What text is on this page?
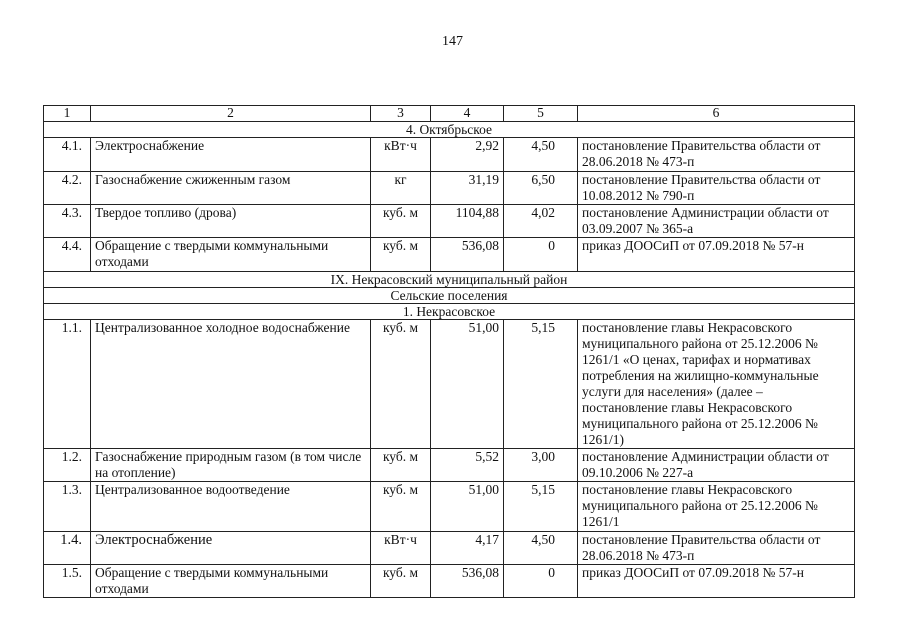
147
1	2	3	4	5	6
4. Октябрьское					
4.1.	Электроснабжение	кВт·ч	2,92	4,50	постановление Правительства области от 28.06.2018 № 473-п
4.2.	Газоснабжение сжиженным газом	кг	31,19	6,50	постановление Правительства области от 10.08.2012 № 790-п
4.3.	Твердое топливо (дрова)	куб. м	1104,88	4,02	постановление Администрации области от 03.09.2007 № 365-а
4.4.	Обращение с твердыми коммунальными отходами	куб. м	536,08	0	приказ ДООСиП от 07.09.2018 № 57-н
IX. Некрасовский муниципальный район					
Сельские поселения					
1. Некрасовское					
1.1.	Централизованное холодное водоснабжение	куб. м	51,00	5,15	постановление главы Некрасовского муниципального района от 25.12.2006 № 1261/1 «О ценах, тарифах и нормативах потребления на жилищно-коммунальные услуги для населения» (далее – постановление главы Некрасовского муниципального района от 25.12.2006 № 1261/1)
1.2.	Газоснабжение природным газом (в том числе на отопление)	куб. м	5,52	3,00	постановление Администрации области от 09.10.2006 № 227-а
1.3.	Централизованное водоотведение	куб. м	51,00	5,15	постановление главы Некрасовского муниципального района от 25.12.2006 № 1261/1
1.4.	Электроснабжение	кВт·ч	4,17	4,50	постановление Правительства области от 28.06.2018 № 473-п
1.5.	Обращение с твердыми коммунальными отходами	куб. м	536,08	0	приказ ДООСиП от 07.09.2018 № 57-н
